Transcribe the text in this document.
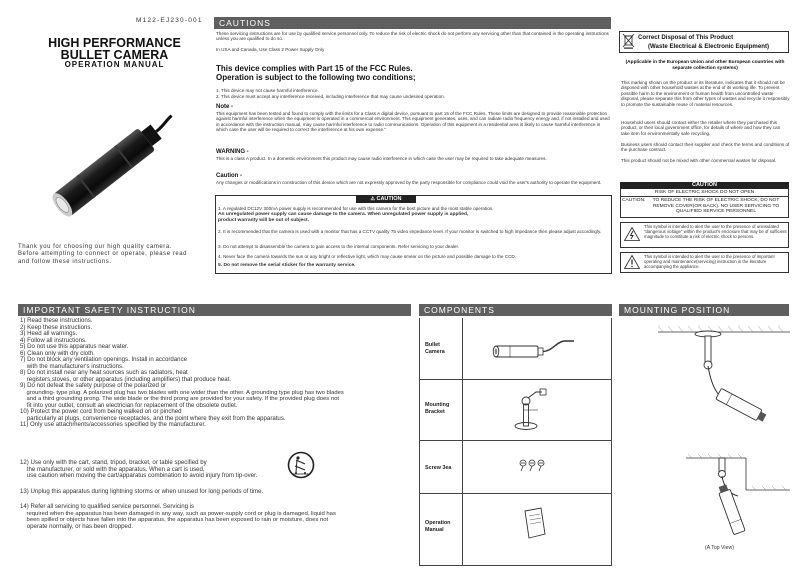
M122-EJ230-001
HIGH PERFORMANCE
BULLET CAMERA
OPERATION MANUAL
Thank you for choosing our high quality camera. Before attempting to connect or operate, please read and follow these instructions.
CAUTIONS
These servicing instructions are for use by qualified service personnel only. To reduce the risk of electric shock do not perform any servicing other than that contained in the operating instructions unless you are qualified to do so.
In USA and Canada, Use Class 2 Power Supply Only
This device complies with Part 15 of the FCC Rules.
Operation is subject to the following two conditions;
1. This device may not cause harmful interference.
2. This device must accept any interference received, including interference that may cause undesired operation.
Note -
This equipment has been tested and found to comply with the limits for a Class A digital device, pursuant to part 15 of the FCC Rules. These limits are designed to provide reasonable protection against harmful interference when the equipment is operated in a commercial environment. This equipment generates, uses, and can radiate radio frequency energy and, if not installed and used in accordance with the instruction manual, may cause harmful interference to radio communications. Operation of this equipment in a residential area is likely to cause harmful interference in which case the user will be required to correct the interference at his own expense."
WARNING -
This is a class A product. In a domestic environment this product may cause radio interference in which case the user may be required to take adequate measures.
Caution -
Any changes or modifications in construction of this device which are not expressly approved by the party responsible for compliance could void the user's authority to operate the equipment.
⚠ CAUTION
1. A regulated DC12V 300mA power supply is recommended for use with this camera for the best picture and the most stable operation.
An unregulated power supply can cause damage to the camera. When unregulated power supply is applied,
product warranty will be out of subject.
2. It is recommended that the camera is used with a monitor that has a CCTV quality 75 video impedance level. If your monitor is switched to high impedance then please adjust accordingly.
3. Do not attempt to disassemble the camera to gain access to the internal components. Refer servicing to your dealer.
4. Never face the camera towards the sun or any bright or reflective light, which may cause smear on the picture and possible damage to the CCD.
5. Do not remove the serial sticker for the warranty service.
Correct Disposal of This Product
(Waste Electrical & Electronic Equipment)
(Applicable in the European Union and other European countries with separate collection systems)
This marking shown on the product or its literature, indicates that it should not be disposed with other household wastes at the end of its working life. To prevent possible harm to the environment or human health from uncontrolled waste disposal, please separate this from other types of wastes and recycle it responsibly to promote the sustainable reuse of material resources.
Household users should contact either the retailer where they purchased this product, or their local government office, for details of where and how they can take item for environmentally safe recycling.
Business users should contact their supplier and check the terms and conditions of the purchase contract.
This product should not be mixed with other commercial wastes for disposal.
CAUTION
RISK OF ELECTRIC SHOCK DO NOT OPEN
CAUTION:	TO REDUCE THE RISK OF ELECTRIC SHOCK, DO NOT REMOVE COVER(OR BACK). NO USER SERVICING TO QUALIFIED SERVICE PERSONNEL
This symbol is intended to alert the user to the presence of uninsulated "dangerous voltage" within the product's enclosure that may be of sufficient magnitude to constitute a risk of electric shock to persons.
This symbol is intended to alert the user to the presence of important operating and maintenance(servicing) instruction in the literature accompanying the appliance.
IMPORTANT SAFETY INSTRUCTION
1) Read these instructions.
2) Keep these instructions.
3) Heed all warnings.
4) Follow all instructions.
5) Do not use this apparatus near water.
6) Clean only with dry cloth.
7) Do not block any ventilation openings. Install in accordance
with the manufacturer's instructions.
8) Do not install near any heat sources such as radiators, heat
registers,stoves, or other apparatus (including amplifiers) that produce heat.
9) Do not defeat the safety purpose of the polarized or
grounding- type plug. A polarized plug has two blades with one wider than the other. A grounding type plug has two blades
and a third grounding prong. The wide blade or the third prong are provided for your safety. If the provided plug does not
fit into your outlet, consult an electrician for replacement of the obsolete outlet.
10) Protect the power cord from being walked on or pinched
particularly at plugs, convenience receptacles, and the point where they exit from the apparatus.
11) Only use attachments/accessories specified by the manufacturer.
12) Use only with the cart, stand, tripod, bracket, or table specified by
the manufacturer, or sold with the apparatus. When a cart is used,
use caution when moving the cart/apparatus combination to avoid injury from tip-over.
13) Unplug this apparatus during lightning storms or when unused for long periods of time.
14) Refer all servicing to qualified service personnel. Servicing is
required when the apparatus has been damaged in any way, such as power-supply cord or plug is damaged, liquid has
been spilled or objects have fallen into the apparatus, the apparatus has been exposed to rain or moisture, does not
operate normally, or has been dropped.
COMPONENTS
Bullet
Camera
Mounting
Bracket
Screw 3ea
Operation
Manual
MOUNTING POSITION
(A Top View)
